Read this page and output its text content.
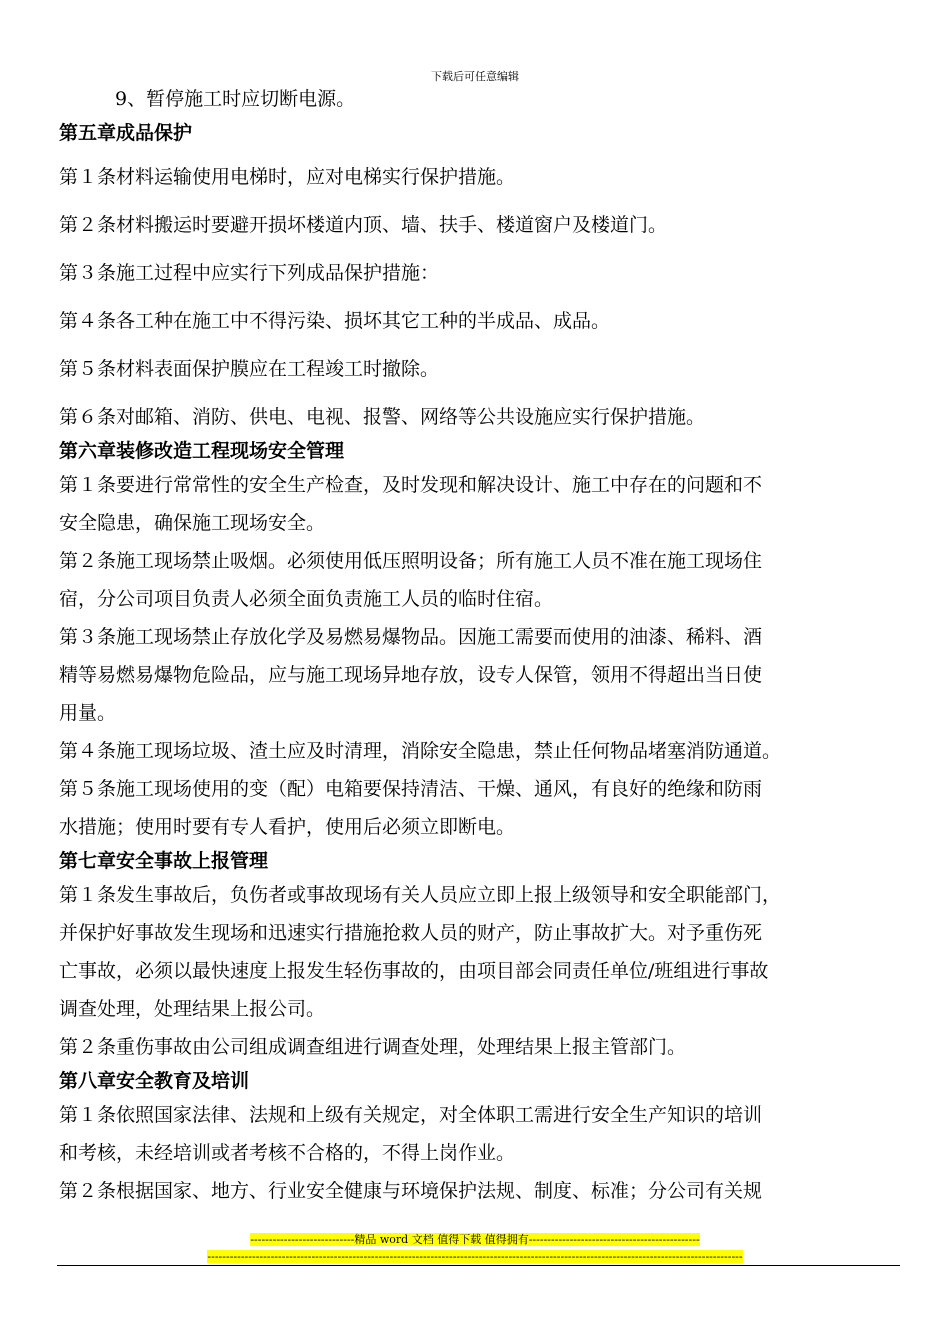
下载后可任意编辑
9、暂停施工时应切断电源。
第五章成品保护
第１条材料运输使用电梯时，应对电梯实行保护措施。
第２条材料搬运时要避开损坏楼道内顶、墙、扶手、楼道窗户及楼道门。
第３条施工过程中应实行下列成品保护措施：
第４条各工种在施工中不得污染、损坏其它工种的半成品、成品。
第５条材料表面保护膜应在工程竣工时撤除。
第６条对邮箱、消防、供电、电视、报警、网络等公共设施应实行保护措施。
第六章装修改造工程现场安全管理
第１条要进行常常性的安全生产检查，及时发现和解决设计、施工中存在的问题和不
安全隐患，确保施工现场安全。
第２条施工现场禁止吸烟。必须使用低压照明设备；所有施工人员不准在施工现场住
宿，分公司项目负责人必须全面负责施工人员的临时住宿。
第３条施工现场禁止存放化学及易燃易爆物品。因施工需要而使用的油漆、稀料、酒
精等易燃易爆物危险品，应与施工现场异地存放，设专人保管，领用不得超出当日使
用量。
第４条施工现场垃圾、渣土应及时清理，消除安全隐患，禁止任何物品堵塞消防通道。
第５条施工现场使用的变（配）电箱要保持清洁、干燥、通风，有良好的绝缘和防雨
水措施；使用时要有专人看护，使用后必须立即断电。
第七章安全事故上报管理
第１条发生事故后，负伤者或事故现场有关人员应立即上报上级领导和安全职能部门，
并保护好事故发生现场和迅速实行措施抢救人员的财产，防止事故扩大。对予重伤死
亡事故，必须以最快速度上报发生轻伤事故的，由项目部会同责任单位/班组进行事故
调查处理，处理结果上报公司。
第２条重伤事故由公司组成调查组进行调查处理，处理结果上报主管部门。
第八章安全教育及培训
第１条依照国家法律、法规和上级有关规定，对全体职工需进行安全生产知识的培训
和考核，未经培训或者考核不合格的，不得上岗作业。
第２条根据国家、地方、行业安全健康与环境保护法规、制度、标准；分公司有关规
----------------------------精品 word 文档 值得下载 值得拥有----------------------------------------------
------------------------------------------------------------------------------------------------------------------------------------------------
